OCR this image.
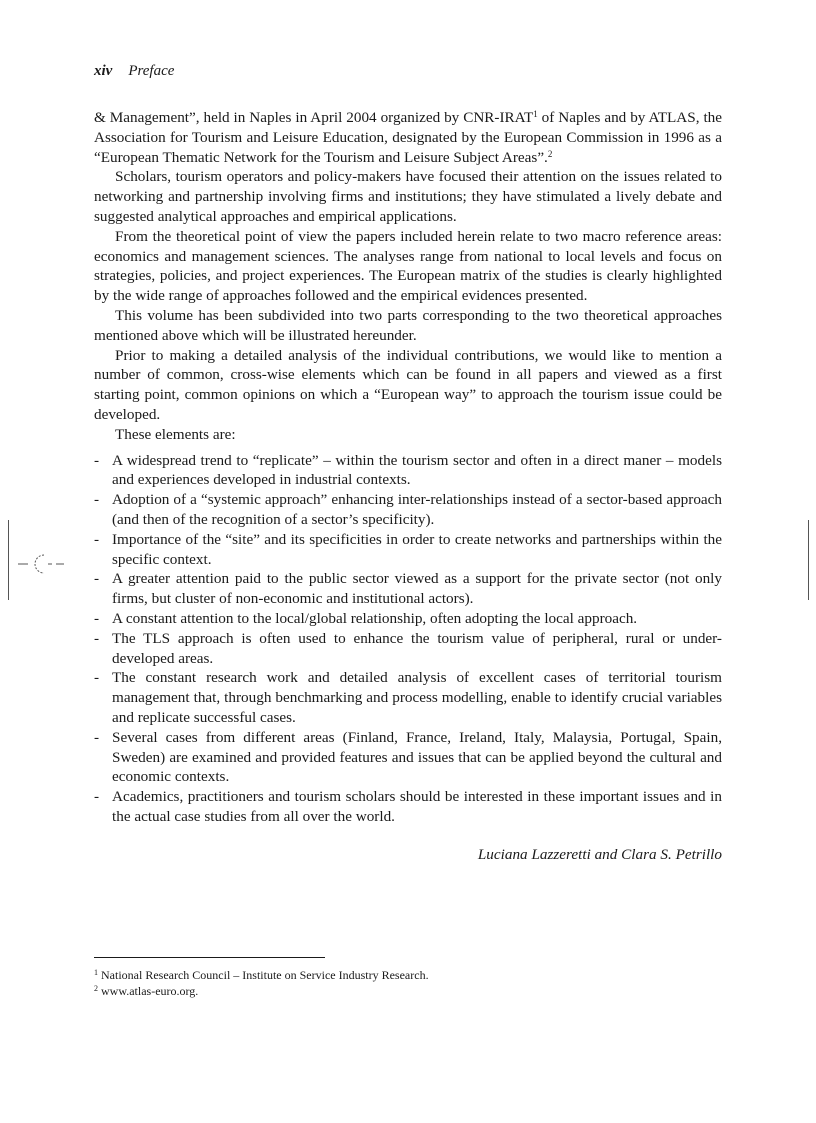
xiv Preface

& Management”, held in Naples in April 2004 organized by CNR-IRAT$^1$ of Naples and by ATLAS, the Association for Tourism and Leisure Education, designated by the European Commission in 1996 as a “European Thematic Network for the Tourism and Leisure Subject Areas”.$^2$

Scholars, tourism operators and policy-makers have focused their attention on the issues related to networking and partnership involving firms and institutions; they have stimulated a lively debate and suggested analytical approaches and empirical applications.

From the theoretical point of view the papers included herein relate to two macro reference areas: economics and management sciences. The analyses range from national to local levels and focus on strategies, policies, and project experiences. The European matrix of the studies is clearly highlighted by the wide range of approaches followed and the empirical evidences presented.

This volume has been subdivided into two parts corresponding to the two theoretical approaches mentioned above which will be illustrated hereunder.

Prior to making a detailed analysis of the individual contributions, we would like to mention a number of common, cross-wise elements which can be found in all papers and viewed as a first starting point, common opinions on which a “European way” to approach the tourism issue could be developed.

These elements are:

- A widespread trend to “replicate” – within the tourism sector and often in a direct maner – models and experiences developed in industrial contexts.
- Adoption of a “systemic approach” enhancing inter-relationships instead of a sector-based approach (and then of the recognition of a sector’s specificity).
- Importance of the “site” and its specificities in order to create networks and partnerships within the specific context.
- A greater attention paid to the public sector viewed as a support for the private sector (not only firms, but cluster of non-economic and institutional actors).
- A constant attention to the local/global relationship, often adopting the local approach.
- The TLS approach is often used to enhance the tourism value of peripheral, rural or under-developed areas.
- The constant research work and detailed analysis of excellent cases of territorial tourism management that, through benchmarking and process modelling, enable to identify crucial variables and replicate successful cases.
- Several cases from different areas (Finland, France, Ireland, Italy, Malaysia, Portugal, Spain, Sweden) are examined and provided features and issues that can be applied beyond the cultural and economic contexts.
- Academics, practitioners and tourism scholars should be interested in these important issues and in the actual case studies from all over the world.
Luciana Lazzeretti and Clara S. Petrillo
$^1$ National Research Council – Institute on Service Industry Research.
$^2$ www.atlas-euro.org.
